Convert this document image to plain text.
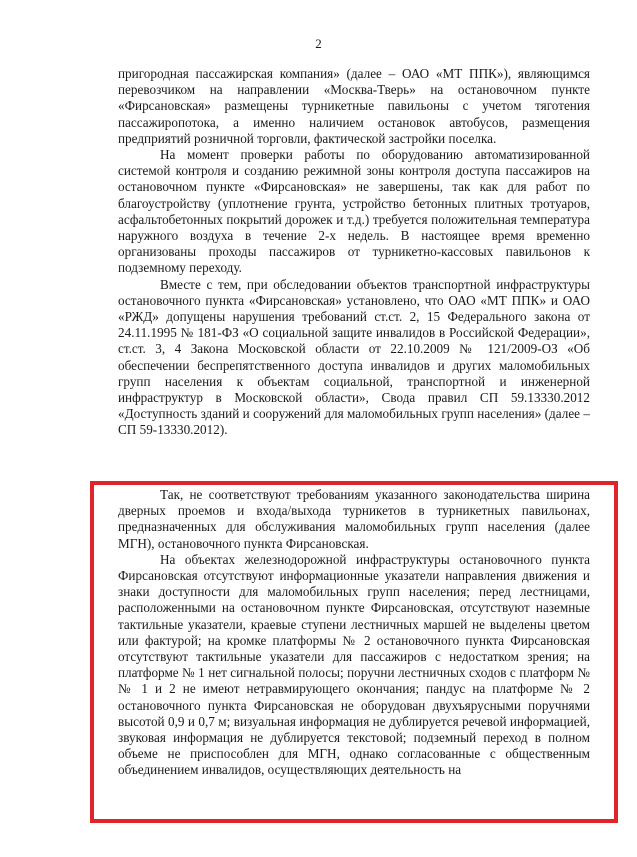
2

пригородная пассажирская компания» (далее – ОАО «МТ ППК»), являющимся перевозчиком на направлении «Москва-Тверь» на остановочном пункте «Фирсановская» размещены турникетные павильоны с учетом тяготения пассажиропотока, а именно наличием остановок автобусов, размещения предприятий розничной торговли, фактической застройки поселка.

На момент проверки работы по оборудованию автоматизированной системой контроля и созданию режимной зоны контроля доступа пассажиров на остановочном пункте «Фирсановская» не завершены, так как для работ по благоустройству (уплотнение грунта, устройство бетонных плитных тротуаров, асфальтобетонных покрытий дорожек и т.д.) требуется положительная температура наружного воздуха в течение 2-х недель. В настоящее время временно организованы проходы пассажиров от турникетно-кассовых павильонов к подземному переходу.

Вместе с тем, при обследовании объектов транспортной инфраструктуры остановочного пункта «Фирсановская» установлено, что ОАО «МТ ППК» и ОАО «РЖД» допущены нарушения требований ст.ст. 2, 15 Федерального закона от 24.11.1995 № 181-ФЗ «О социальной защите инвалидов в Российской Федерации», ст.ст. 3, 4 Закона Московской области от 22.10.2009 № 121/2009-ОЗ «Об обеспечении беспрепятственного доступа инвалидов и других маломобильных групп населения к объектам социальной, транспортной и инженерной инфраструктур в Московской области», Свода правил СП 59.13330.2012 «Доступность зданий и сооружений для маломобильных групп населения» (далее – СП 59-13330.2012).

Так, не соответствуют требованиям указанного законодательства ширина дверных проемов и входа/выхода турникетов в турникетных павильонах, предназначенных для обслуживания маломобильных групп населения (далее МГН), остановочного пункта Фирсановская.

На объектах железнодорожной инфраструктуры остановочного пункта Фирсановская отсутствуют информационные указатели направления движения и знаки доступности для маломобильных групп населения; перед лестницами, расположенными на остановочном пункте Фирсановская, отсутствуют наземные тактильные указатели, краевые ступени лестничных маршей не выделены цветом или фактурой; на кромке платформы № 2 остановочного пункта Фирсановская отсутствуют тактильные указатели для пассажиров с недостатком зрения; на платформе № 1 нет сигнальной полосы; поручни лестничных сходов с платформ №№ 1 и 2 не имеют нетравмирующего окончания; пандус на платформе № 2 остановочного пункта Фирсановская не оборудован двухъярусными поручнями высотой 0,9 и 0,7 м; визуальная информация не дублируется речевой информацией, звуковая информация не дублируется текстовой; подземный переход в полном объеме не приспособлен для МГН, однако согласованные с общественным объединением инвалидов, осуществляющих деятельность на
